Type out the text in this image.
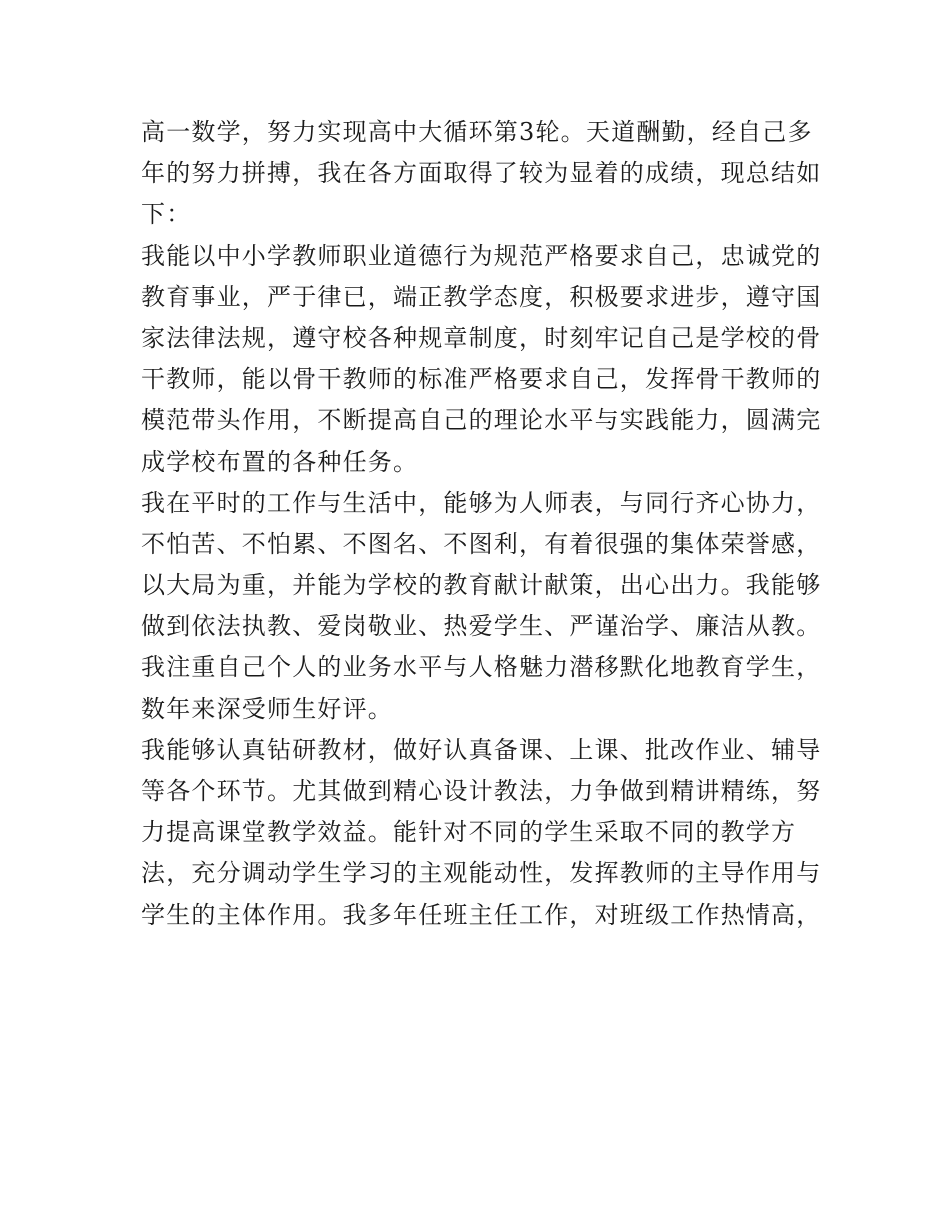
高一数学，努力实现高中大循环第3轮。天道酬勤，经自己多
年的努力拼搏，我在各方面取得了较为显着的成绩，现总结如
下：
我能以中小学教师职业道德行为规范严格要求自己，忠诚党的
教育事业，严于律已，端正教学态度，积极要求进步，遵守国
家法律法规，遵守校各种规章制度，时刻牢记自己是学校的骨
干教师，能以骨干教师的标准严格要求自己，发挥骨干教师的
模范带头作用，不断提高自己的理论水平与实践能力，圆满完
成学校布置的各种任务。
我在平时的工作与生活中，能够为人师表，与同行齐心协力，
不怕苦、不怕累、不图名、不图利，有着很强的集体荣誉感，
以大局为重，并能为学校的教育献计献策，出心出力。我能够
做到依法执教、爱岗敬业、热爱学生、严谨治学、廉洁从教。
我注重自己个人的业务水平与人格魅力潜移默化地教育学生，
数年来深受师生好评。
我能够认真钻研教材，做好认真备课、上课、批改作业、辅导
等各个环节。尤其做到精心设计教法，力争做到精讲精练，努
力提高课堂教学效益。能针对不同的学生采取不同的教学方
法，充分调动学生学习的主观能动性，发挥教师的主导作用与
学生的主体作用。我多年任班主任工作，对班级工作热情高，
